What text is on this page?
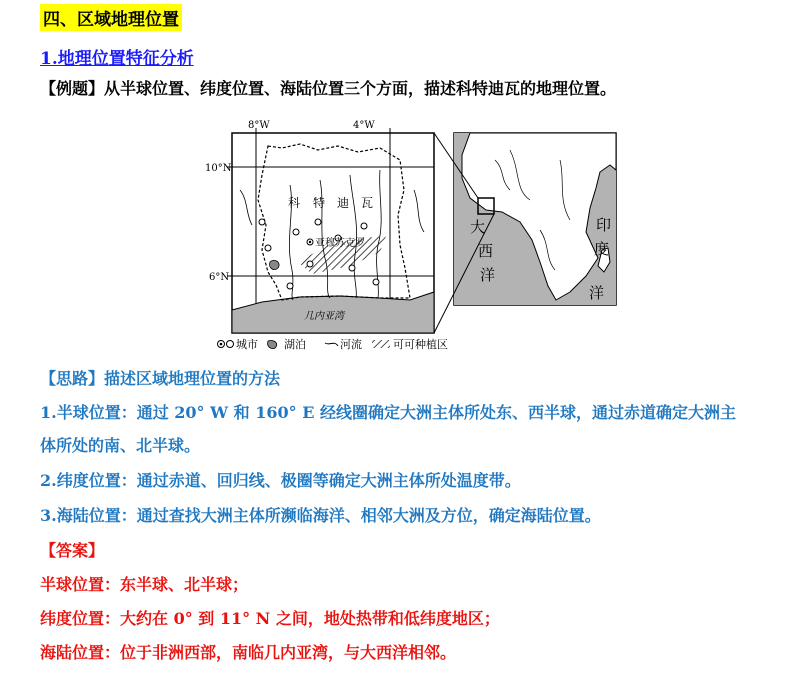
四、区域地理位置
1.地理位置特征分析
【例题】从半球位置、纬度位置、海陆位置三个方面，描述科特迪瓦的地理位置。
8°W	4°W
10°N
6°N
科 特 迪 瓦
亚穆苏克罗
几内亚湾
大
西
洋
印
度
洋
城市 湖泊	河流	可可种植区
【思路】描述区域地理位置的方法
1.半球位置：通过 20° W 和 160° E 经线圈确定大洲主体所处东、西半球，通过赤道确定大洲主
体所处的南、北半球。
2.纬度位置：通过赤道、回归线、极圈等确定大洲主体所处温度带。
3.海陆位置：通过查找大洲主体所濒临海洋、相邻大洲及方位，确定海陆位置。
【答案】
半球位置：东半球、北半球；
纬度位置：大约在 0° 到 11° N 之间，地处热带和低纬度地区；
海陆位置：位于非洲西部，南临几内亚湾，与大西洋相邻。
